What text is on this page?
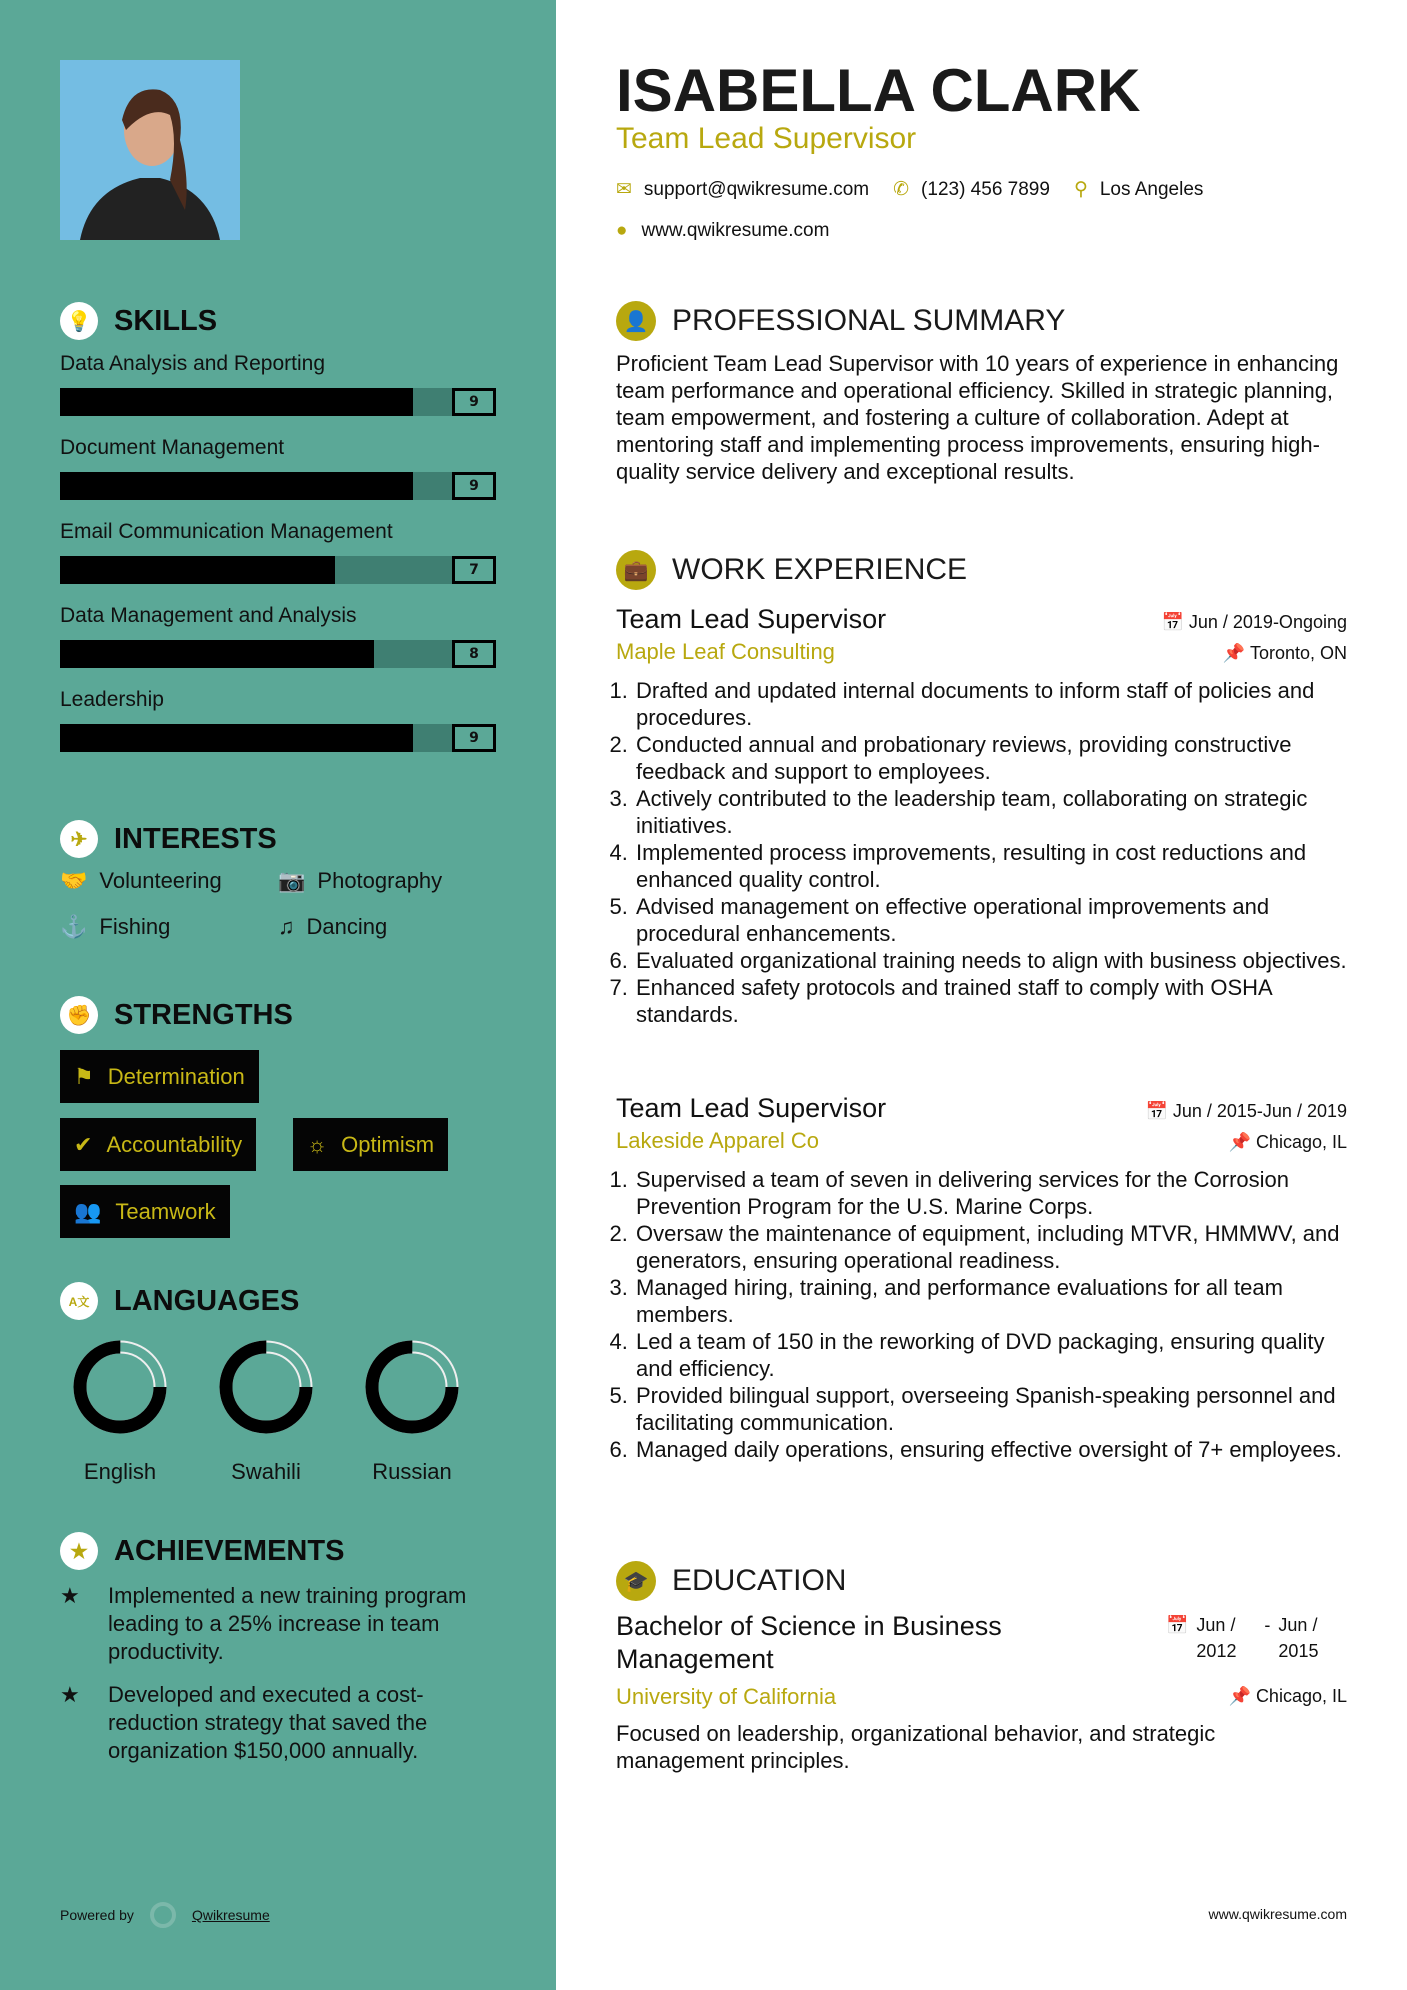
💡 SKILLS
Data Analysis and Reporting
9
Document Management
9
Email Communication Management
7
Data Management and Analysis
8
Leadership
9
✈ INTERESTS
🤝 Volunteering	📷 Photography
⚓ Fishing	♫ Dancing
✊ STRENGTHS
⚑ Determination
✔ Accountability	☼ Optimism
👥 Teamwork
A文 LANGUAGES
English	Swahili	Russian
★ ACHIEVEMENTS
★	Implemented a new training program leading to a 25% increase in team productivity.
★	Developed and executed a cost-reduction strategy that saved the organization $150,000 annually.
Powered by	Qwikresume
ISABELLA CLARK
Team Lead Supervisor
✉ support@qwikresume.com ✆ (123) 456 7899 ⚲ Los Angeles
● www.qwikresume.com
👤 PROFESSIONAL SUMMARY
Proficient Team Lead Supervisor with 10 years of experience in enhancing team performance and operational efficiency. Skilled in strategic planning, team empowerment, and fostering a culture of collaboration. Adept at mentoring staff and implementing process improvements, ensuring high-quality service delivery and exceptional results.
💼 WORK EXPERIENCE
Team Lead Supervisor	📅 Jun / 2019-Ongoing
Maple Leaf Consulting	📌 Toronto, ON
1. Drafted and updated internal documents to inform staff of policies and procedures.
2. Conducted annual and probationary reviews, providing constructive feedback and support to employees.
3. Actively contributed to the leadership team, collaborating on strategic initiatives.
4. Implemented process improvements, resulting in cost reductions and enhanced quality control.
5. Advised management on effective operational improvements and procedural enhancements.
6. Evaluated organizational training needs to align with business objectives.
7. Enhanced safety protocols and trained staff to comply with OSHA standards.
Team Lead Supervisor	📅 Jun / 2015-Jun / 2019
Lakeside Apparel Co	📌 Chicago, IL
1. Supervised a team of seven in delivering services for the Corrosion Prevention Program for the U.S. Marine Corps.
2. Oversaw the maintenance of equipment, including MTVR, HMMWV, and generators, ensuring operational readiness.
3. Managed hiring, training, and performance evaluations for all team members.
4. Led a team of 150 in the reworking of DVD packaging, ensuring quality and efficiency.
5. Provided bilingual support, overseeing Spanish-speaking personnel and facilitating communication.
6. Managed daily operations, ensuring effective oversight of 7+ employees.
🎓 EDUCATION
Bachelor of Science in Business Management
📅 Jun / 2012
- Jun / 2015
University of California	📌 Chicago, IL
Focused on leadership, organizational behavior, and strategic management principles.
www.qwikresume.com
